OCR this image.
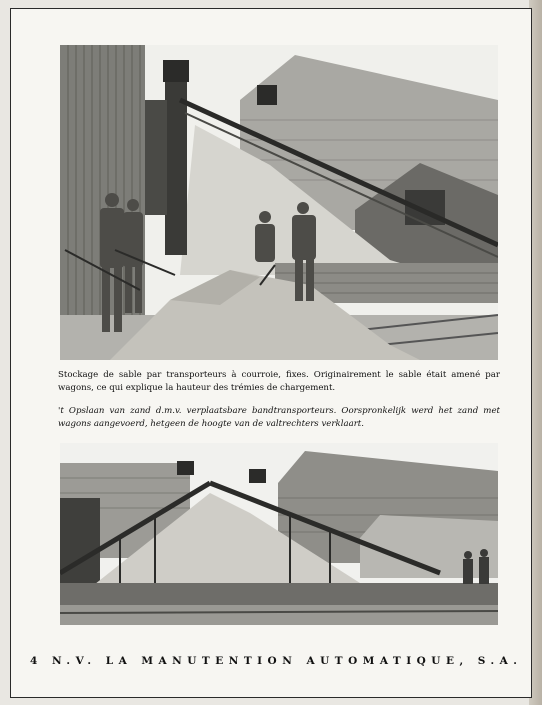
Stockage de sable par transporteurs à courroie, fixes. Originairement le sable était amené par wagons, ce qui explique la hauteur des trémies de chargement.
't Opslaan van zand d.m.v. verplaatsbare bandtransporteurs. Oorspronkelijk werd het zand met wagons aangevoerd, hetgeen de hoogte van de valtrechters verklaart.
4 N.V. LA MANUTENTION AUTOMATIQUE, S.A.
